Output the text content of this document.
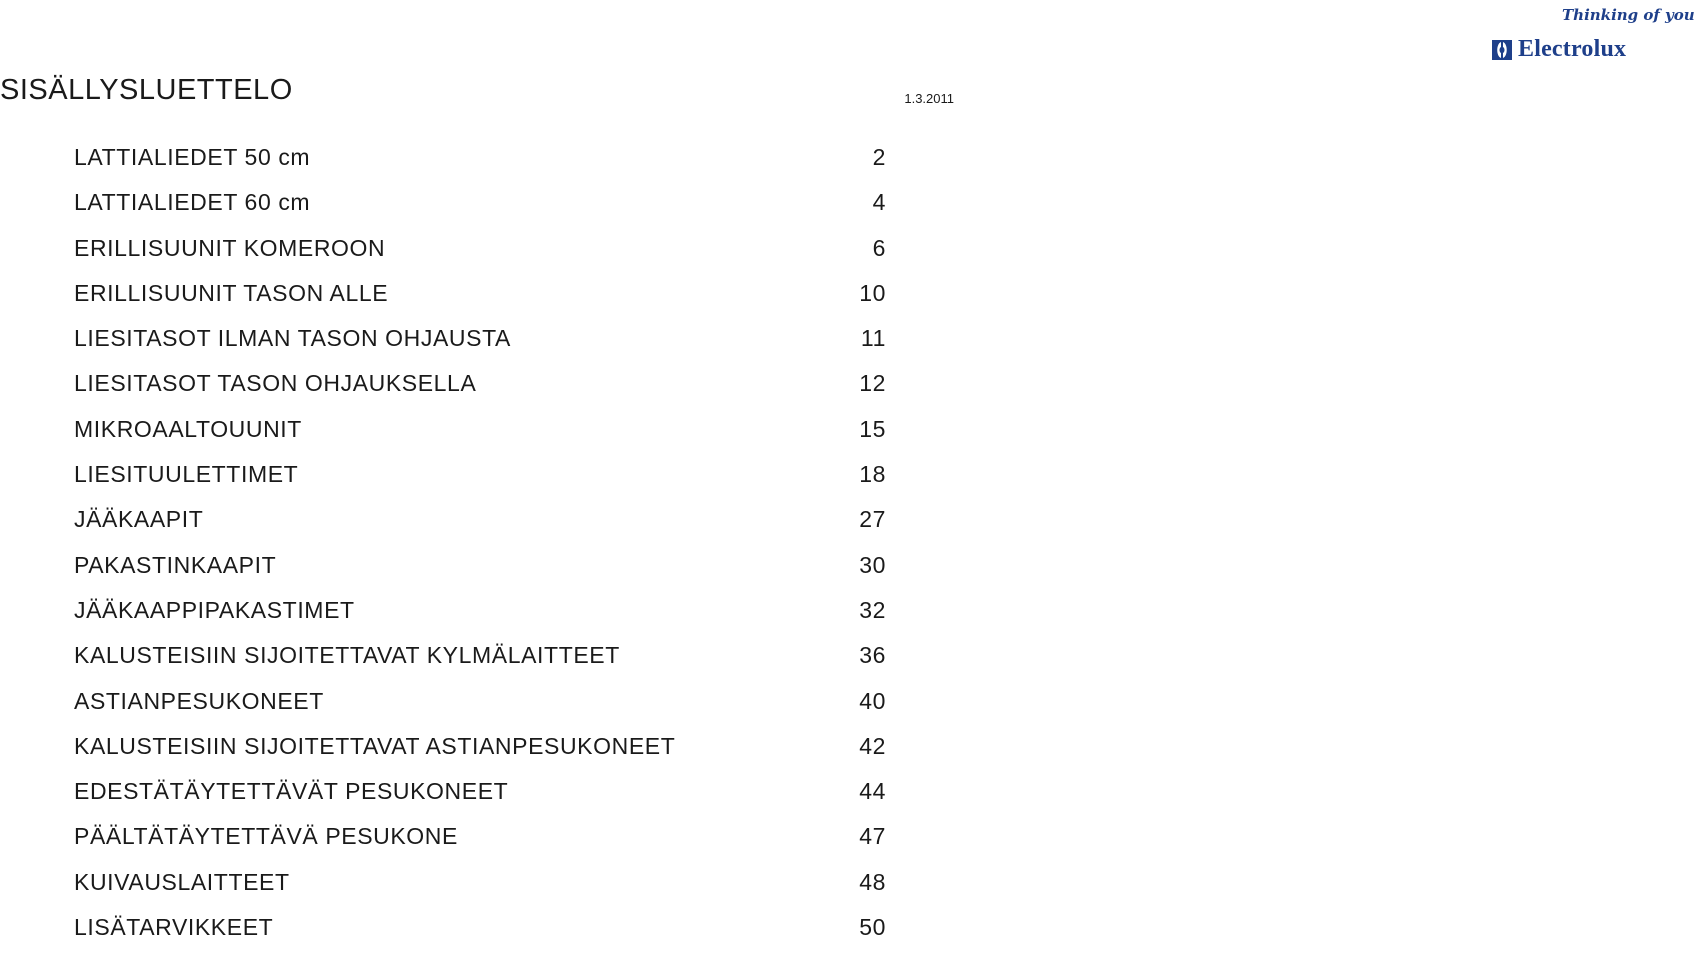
Thinking of you
Electrolux
SISÄLLYSLUETTELO	1.3.2011
LATTIALIEDET 50 cm	2
LATTIALIEDET 60 cm	4
ERILLISUUNIT KOMEROON	6
ERILLISUUNIT TASON ALLE	10
LIESITASOT ILMAN TASON OHJAUSTA	11
LIESITASOT TASON OHJAUKSELLA	12
MIKROAALTOUUNIT	15
LIESITUULETTIMET	18
JÄÄKAAPIT	27
PAKASTINKAAPIT	30
JÄÄKAAPPIPAKASTIMET	32
KALUSTEISIIN SIJOITETTAVAT KYLMÄLAITTEET	36
ASTIANPESUKONEET	40
KALUSTEISIIN SIJOITETTAVAT ASTIANPESUKONEET	42
EDESTÄTÄYTETTÄVÄT PESUKONEET	44
PÄÄLTÄTÄYTETTÄVÄ PESUKONE	47
KUIVAUSLAITTEET	48
LISÄTARVIKKEET	50
